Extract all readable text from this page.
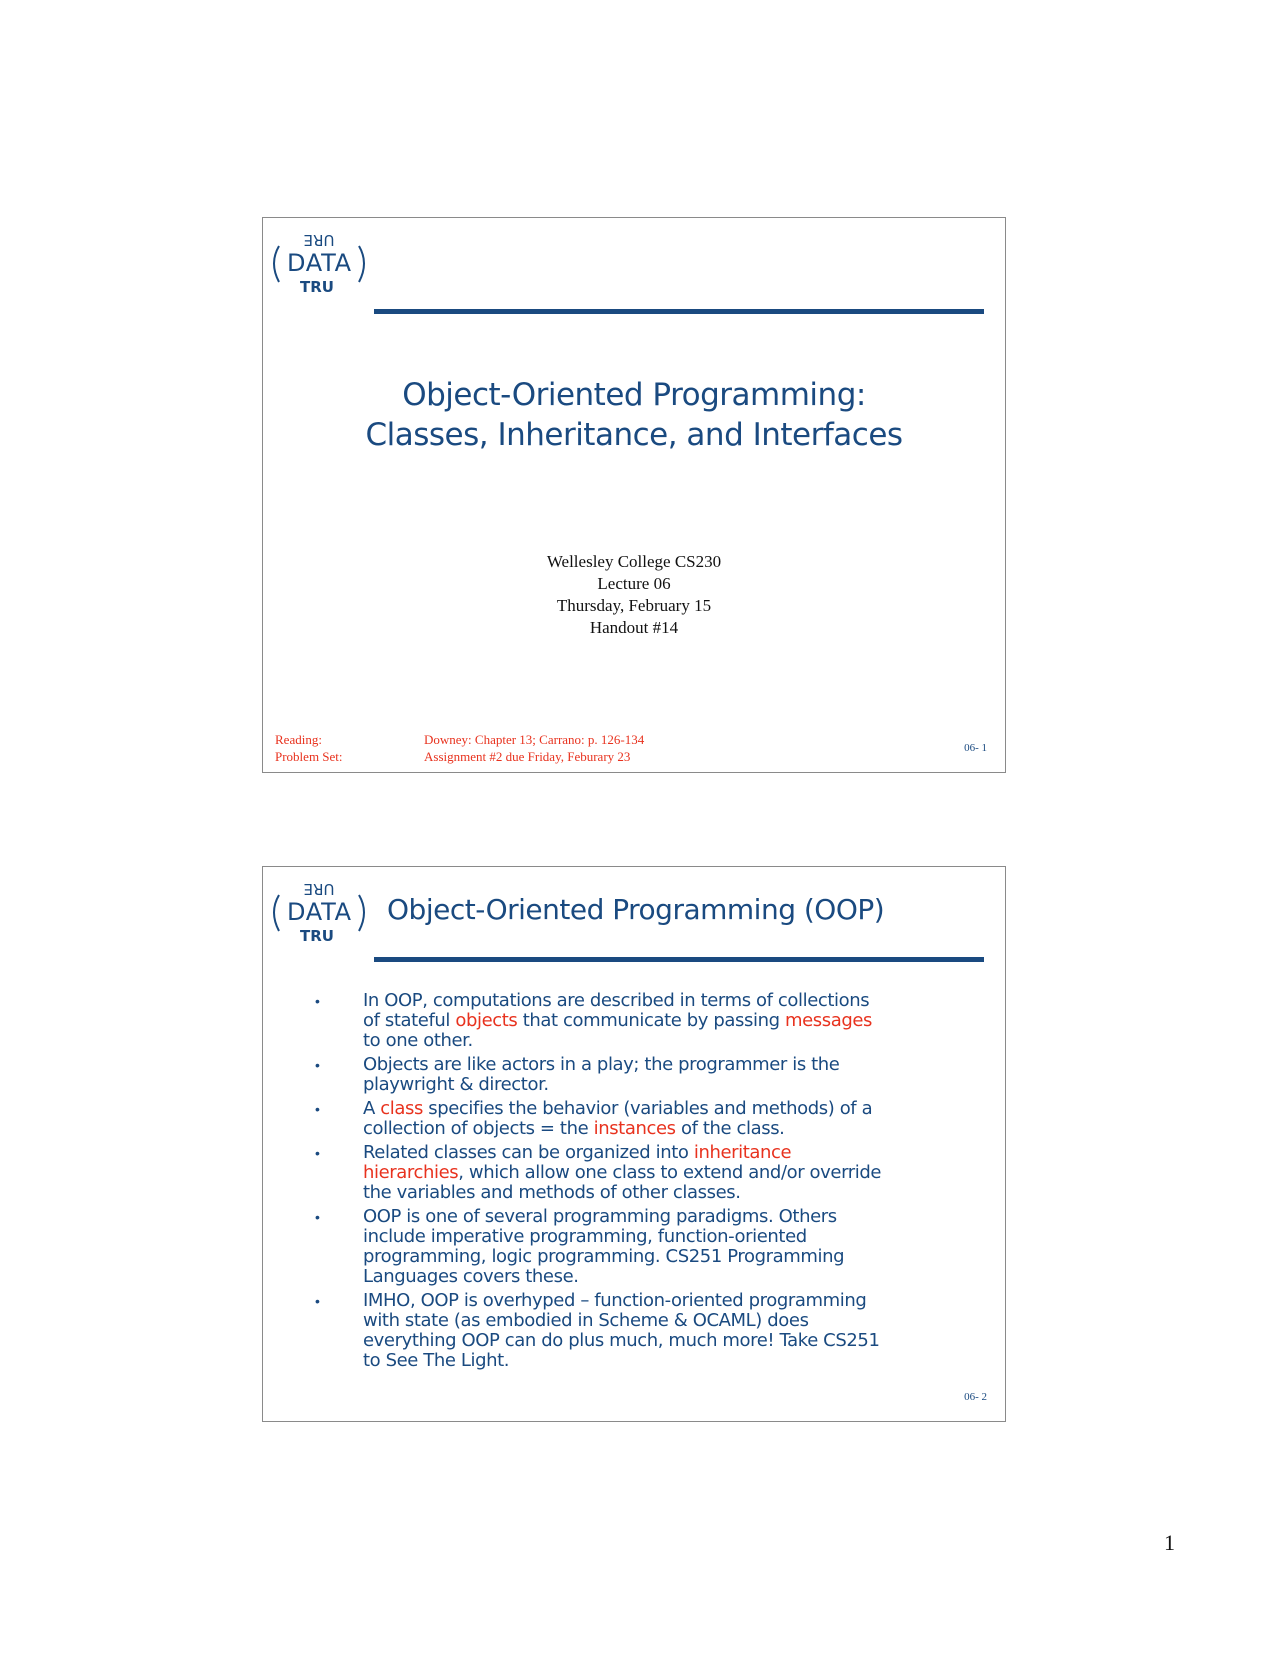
URE
DATA
TRU
Object-Oriented Programming:
Classes, Inheritance, and Interfaces
Wellesley College CS230
Lecture 06
Thursday, February 15
Handout #14
Reading:
Problem Set:
Downey: Chapter 13; Carrano: p. 126-134
Assignment #2 due Friday, Feburary 23
06- 1
URE
DATA
TRU
Object-Oriented Programming (OOP)
• In OOP, computations are described in terms of collections
of stateful objects that communicate by passing messages
to one other.
• Objects are like actors in a play; the programmer is the
playwright & director.
• A class specifies the behavior (variables and methods) of a
collection of objects = the instances of the class.
• Related classes can be organized into inheritance
hierarchies, which allow one class to extend and/or override
the variables and methods of other classes.
• OOP is one of several programming paradigms. Others
include imperative programming, function-oriented
programming, logic programming. CS251 Programming
Languages covers these.
• IMHO, OOP is overhyped – function-oriented programming
with state (as embodied in Scheme & OCAML) does
everything OOP can do plus much, much more! Take CS251
to See The Light.
06- 2
1
